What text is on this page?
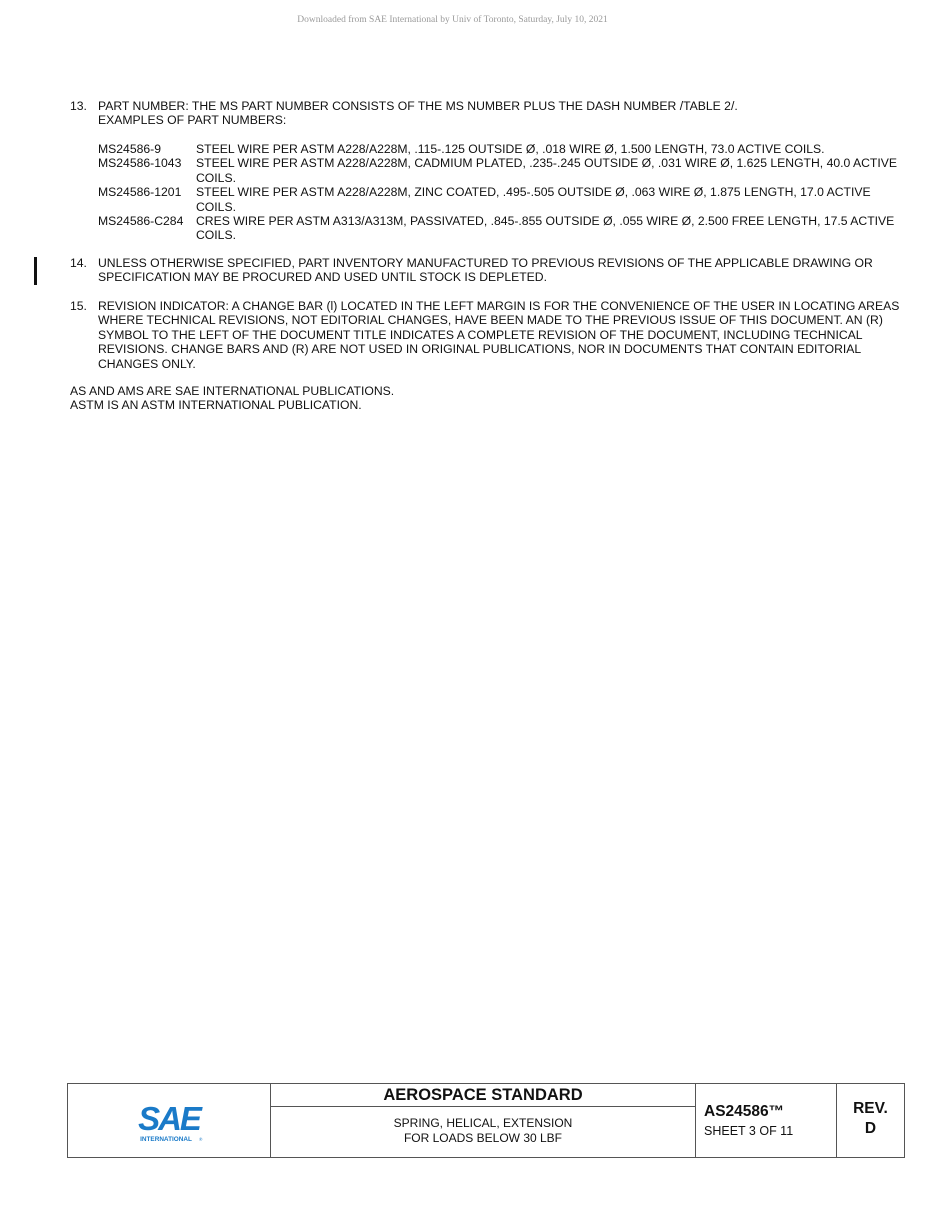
Downloaded from SAE International by Univ of Toronto, Saturday, July 10, 2021
13. PART NUMBER: THE MS PART NUMBER CONSISTS OF THE MS NUMBER PLUS THE DASH NUMBER /TABLE 2/.
EXAMPLES OF PART NUMBERS:
MS24586-9	STEEL WIRE PER ASTM A228/A228M, .115-.125 OUTSIDE Ø, .018 WIRE Ø, 1.500 LENGTH, 73.0 ACTIVE COILS.
MS24586-1043	STEEL WIRE PER ASTM A228/A228M, CADMIUM PLATED, .235-.245 OUTSIDE Ø, .031 WIRE Ø, 1.625 LENGTH, 40.0 ACTIVE COILS.
MS24586-1201	STEEL WIRE PER ASTM A228/A228M, ZINC COATED, .495-.505 OUTSIDE Ø, .063 WIRE Ø, 1.875 LENGTH, 17.0 ACTIVE COILS.
MS24586-C284	CRES WIRE PER ASTM A313/A313M, PASSIVATED, .845-.855 OUTSIDE Ø, .055 WIRE Ø, 2.500 FREE LENGTH, 17.5 ACTIVE COILS.
14. UNLESS OTHERWISE SPECIFIED, PART INVENTORY MANUFACTURED TO PREVIOUS REVISIONS OF THE APPLICABLE DRAWING OR SPECIFICATION MAY BE PROCURED AND USED UNTIL STOCK IS DEPLETED.
15. REVISION INDICATOR: A CHANGE BAR (l) LOCATED IN THE LEFT MARGIN IS FOR THE CONVENIENCE OF THE USER IN LOCATING AREAS WHERE TECHNICAL REVISIONS, NOT EDITORIAL CHANGES, HAVE BEEN MADE TO THE PREVIOUS ISSUE OF THIS DOCUMENT. AN (R) SYMBOL TO THE LEFT OF THE DOCUMENT TITLE INDICATES A COMPLETE REVISION OF THE DOCUMENT, INCLUDING TECHNICAL REVISIONS. CHANGE BARS AND (R) ARE NOT USED IN ORIGINAL PUBLICATIONS, NOR IN DOCUMENTS THAT CONTAIN EDITORIAL CHANGES ONLY.
AS AND AMS ARE SAE INTERNATIONAL PUBLICATIONS.
ASTM IS AN ASTM INTERNATIONAL PUBLICATION.
SAE
INTERNATIONAL ®
AEROSPACE STANDARD
SPRING, HELICAL, EXTENSION
FOR LOADS BELOW 30 LBF
AS24586™
SHEET 3 OF 11
REV.
D
